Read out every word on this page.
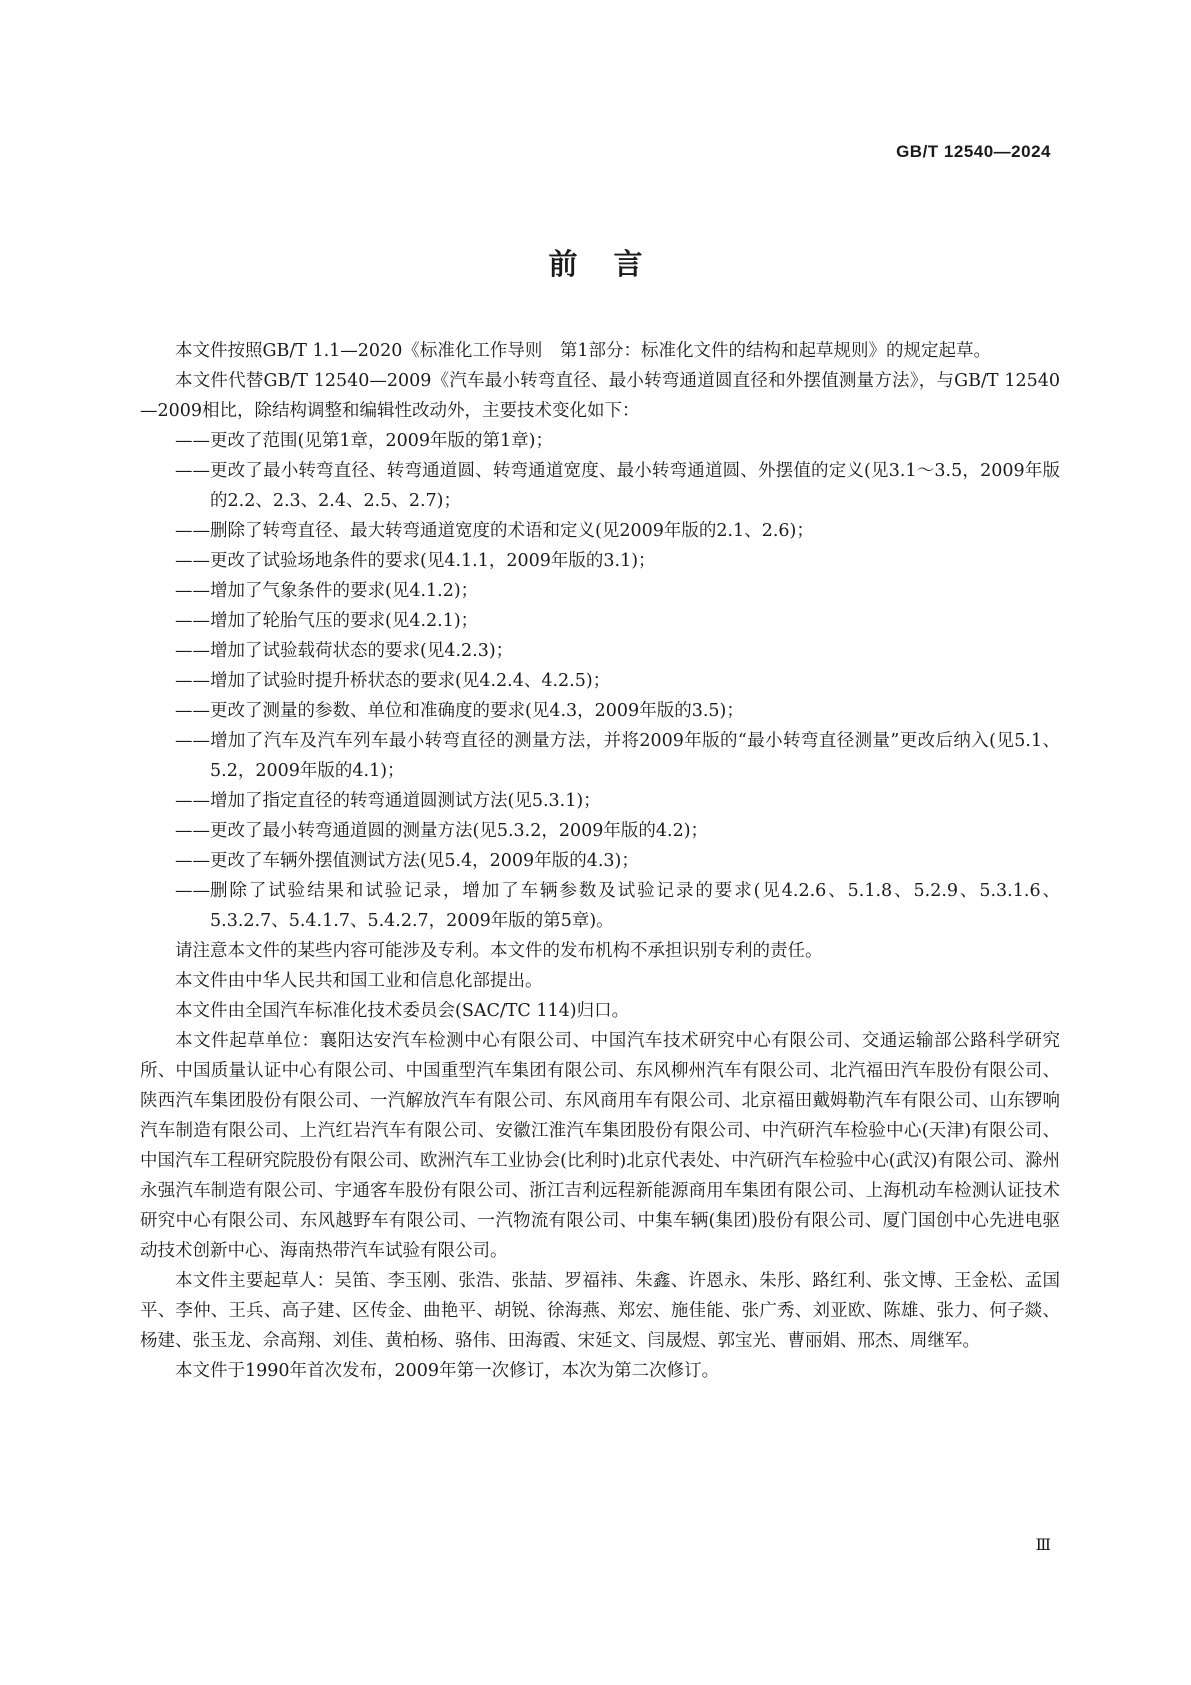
GB/T 12540—2024
前言

本文件按照GB/T 1.1—2020《标准化工作导则　第1部分：标准化文件的结构和起草规则》的规定起草。

本文件代替GB/T 12540—2009《汽车最小转弯直径、最小转弯通道圆直径和外摆值测量方法》，与GB/T 12540—2009相比，除结构调整和编辑性改动外，主要技术变化如下：

—— 更改了范围(见第1章，2009年版的第1章)；
—— 更改了最小转弯直径、转弯通道圆、转弯通道宽度、最小转弯通道圆、外摆值的定义(见3.1～3.5，2009年版的2.2、2.3、2.4、2.5、2.7)；
—— 删除了转弯直径、最大转弯通道宽度的术语和定义(见2009年版的2.1、2.6)；
—— 更改了试验场地条件的要求(见4.1.1，2009年版的3.1)；
—— 增加了气象条件的要求(见4.1.2)；
—— 增加了轮胎气压的要求(见4.2.1)；
—— 增加了试验载荷状态的要求(见4.2.3)；
—— 增加了试验时提升桥状态的要求(见4.2.4、4.2.5)；
—— 更改了测量的参数、单位和准确度的要求(见4.3，2009年版的3.5)；
—— 增加了汽车及汽车列车最小转弯直径的测量方法，并将2009年版的“最小转弯直径测量”更改后纳入(见5.1、5.2，2009年版的4.1)；
—— 增加了指定直径的转弯通道圆测试方法(见5.3.1)；
—— 更改了最小转弯通道圆的测量方法(见5.3.2，2009年版的4.2)；
—— 更改了车辆外摆值测试方法(见5.4，2009年版的4.3)；
—— 删除了试验结果和试验记录，增加了车辆参数及试验记录的要求(见4.2.6、5.1.8、5.2.9、5.3.1.6、5.3.2.7、5.4.1.7、5.4.2.7，2009年版的第5章)。

请注意本文件的某些内容可能涉及专利。本文件的发布机构不承担识别专利的责任。

本文件由中华人民共和国工业和信息化部提出。

本文件由全国汽车标准化技术委员会(SAC/TC 114)归口。

本文件起草单位：襄阳达安汽车检测中心有限公司、中国汽车技术研究中心有限公司、交通运输部公路科学研究所、中国质量认证中心有限公司、中国重型汽车集团有限公司、东风柳州汽车有限公司、北汽福田汽车股份有限公司、陕西汽车集团股份有限公司、一汽解放汽车有限公司、东风商用车有限公司、北京福田戴姆勒汽车有限公司、山东锣响汽车制造有限公司、上汽红岩汽车有限公司、安徽江淮汽车集团股份有限公司、中汽研汽车检验中心(天津)有限公司、中国汽车工程研究院股份有限公司、欧洲汽车工业协会(比利时)北京代表处、中汽研汽车检验中心(武汉)有限公司、滁州永强汽车制造有限公司、宇通客车股份有限公司、浙江吉利远程新能源商用车集团有限公司、上海机动车检测认证技术研究中心有限公司、东风越野车有限公司、一汽物流有限公司、中集车辆(集团)股份有限公司、厦门国创中心先进电驱动技术创新中心、海南热带汽车试验有限公司。

本文件主要起草人：吴笛、李玉刚、张浩、张喆、罗福祎、朱鑫、许恩永、朱彤、路红利、张文博、王金松、孟国平、李仲、王兵、高子建、区传金、曲艳平、胡锐、徐海燕、郑宏、施佳能、张广秀、刘亚欧、陈雄、张力、何子燚、杨建、张玉龙、佘高翔、刘佳、黄柏杨、骆伟、田海霞、宋延文、闫晟煜、郭宝光、曹丽娟、邢杰、周继军。

本文件于1990年首次发布，2009年第一次修订，本次为第二次修订。

Ⅲ
